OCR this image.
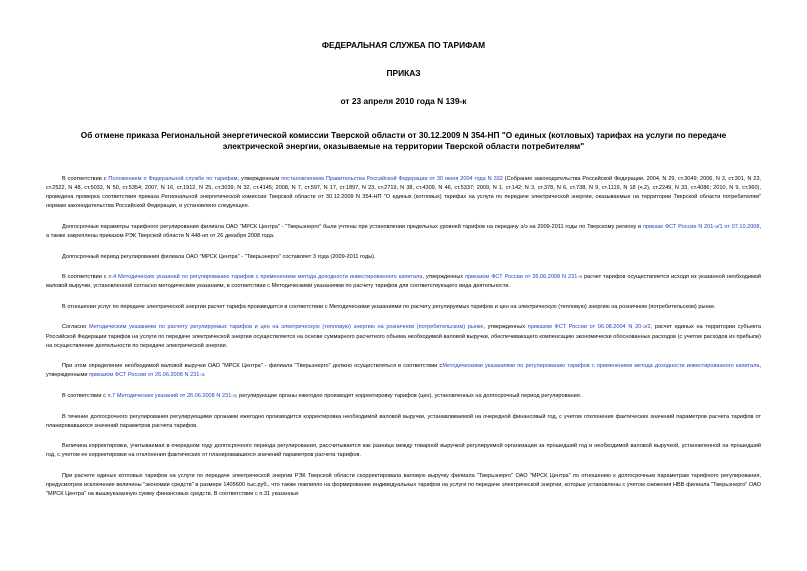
ФЕДЕРАЛЬНАЯ СЛУЖБА ПО ТАРИФАМ
ПРИКАЗ
от 23 апреля 2010 года N 139-к
Об отмене приказа Региональной энергетической комиссии Тверской области от 30.12.2009 N 354-НП "О единых (котловых) тарифах на услуги по передаче электрической энергии, оказываемые на территории Тверской области потребителям"

В соответствии с Положением о Федеральной службе по тарифам, утвержденным постановлением Правительства Российской Федерации от 30 июня 2004 года N 332 (Собрание законодательства Российской Федерации, 2004, N 29, ст.3049; 2006, N 3, ст.301, N 23, ст.2522, N 48, ст.5032, N 50, ст.5354; 2007, N 16, ст.1912, N 25, ст.3039, N 32, ст.4145; 2008, N 7, ст.597, N 17, ст.1897, N 23, ст.2719, N 38, ст.4309, N 46, ст.5337; 2009, N 1, ст.142; N 3, ст.378, N 6, ст.738, N 9, ст.1119, N 18 (ч.2), ст.2249, N 33, ст.4086; 2010, N 9, ст.960), проведена проверка соответствия приказа Региональной энергетической комиссии Тверской области от 30.12.2009 N 354-НП "О единых (котловых) тарифах на услуги по передаче электрической энергии, оказываемые на территории Тверской области потребителям" нормам законодательства Российской Федерации, и установлено следующее.

Долгосрочные параметры тарифного регулирования филиала ОАО "МРСК Центра" - "Тверьэнерго" были учтены при установлении предельных уровней тарифов на передачу э/э на 2009-2011 годы по Тверскому региону в приказе ФСТ России N 201-э/1 от 07.10.2008, а также закреплены приказом РЭК Тверской области N 448-нп от 26 декабря 2008 года.

Долгосрочный период регулирования филиала ОАО "МРСК Центра" - "Тверьэнерго" составляет 3 года (2009-2011 годы).

В соответствии с п.4 Методических указаний по регулированию тарифов с применением метода доходности инвестированного капитала, утвержденных приказом ФСТ России от 26.06.2008 N 231-э расчет тарифов осуществляется исходя из указанной необходимой валовой выручки, установленной согласно методическим указаниям, в соответствии с Методическими указаниями по расчету тарифов для соответствующего вида деятельности.

В отношении услуг по передаче электрической энергии расчет тарифа производится в соответствии с Методическими указаниями по расчету регулируемых тарифов и цен на электрическую (тепловую) энергию на розничном (потребительском) рынке.

Согласно Методическим указаниям по расчету регулируемых тарифов и цен на электрическую (тепловую) энергию на розничном (потребительском) рынке, утвержденных приказом ФСТ России от 06.08.2004 N 20-э/2, расчет единых на территории субъекта Российской Федерации тарифов на услуги по передаче электрической энергии осуществляется на основе суммарного расчетного объема необходимой валовой выручки, обеспечивающего компенсацию экономически обоснованных расходов (с учетом расходов из прибыли) на осуществление деятельности по передаче электрической энергии.

При этом определение необходимой валовой выручки ОАО "МРСК Центра" - филиала "Тверьэнерго" должно осуществляться в соответствии сМетодическими указаниями по регулированию тарифов с применением метода доходности инвестированного капитала, утвержденными приказом ФСТ России от 26.06.2008 N 231-э.

В соответствии с п.7 Методических указаний от 26.06.2008 N 231-э, регулирующие органы ежегодно производят корректировку тарифов (цен), установленных на долгосрочный период регулирования.

В течение долгосрочного регулирования регулирующими органами ежегодно производится корректировка необходимой валовой выручки, устанавливаемой на очередной финансовый год, с учетом отклонения фактических значений параметров расчета тарифов от планировавшихся значений параметров расчета тарифов.

Величина корректировки, учитываемая в очередном году долгосрочного периода регулирования, рассчитывается как разница между товарной выручкой регулируемой организации за прошедший год и необходимой валовой выручкой, установленной на прошедший год, с учетом ее корректировки на отклонения фактических от планировавшихся значений параметров расчета тарифов.

При расчете единых котловых тарифов на услуги по передаче электрической энергии РЭК Тверской области скорректировала валовую выручку филиала "Тверьэнерго" ОАО "МРСК Центра" по отношению к долгосрочным параметрам тарифного регулирования, предусмотрев исключение величины "экономии средств" в размере 1405600 тыс.руб., что также повлияло на формирование индивидуальных тарифов на услуги по передаче электрической энергии, которые установлены с учетом снижения НВВ филиала "Тверьэнерго" ОАО "МРСК Центра" на вышеуказанную сумму финансовых средств. В соответствии с п.31 указанных
